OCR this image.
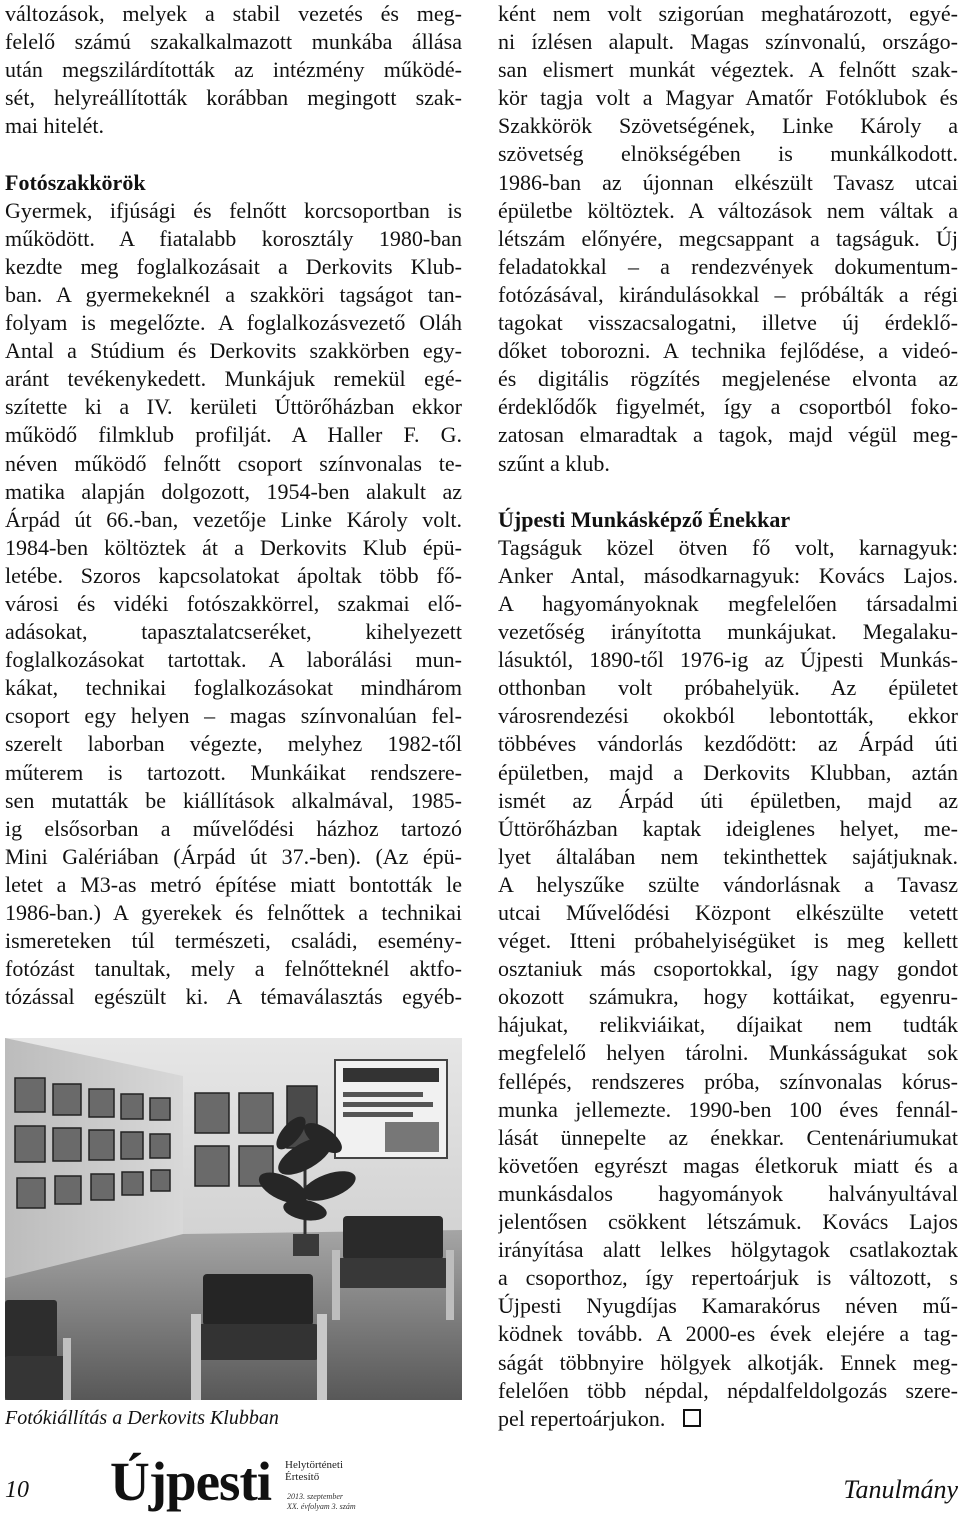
változások, melyek a stabil vezetés és meg-
felelő számú szakalkalmazott munkába állása
után megszilárdították az intézmény működé-
sét, helyreállították korábban megingott szak-
mai hitelét.
Fotószakkörök
Gyermek, ifjúsági és felnőtt korcsoportban is
működött. A fiatalabb korosztály 1980-ban
kezdte meg foglalkozásait a Derkovits Klub-
ban. A gyermekeknél a szakköri tagságot tan-
folyam is megelőzte. A foglalkozásvezető Oláh
Antal a Stúdium és Derkovits szakkörben egy-
aránt tevékenykedett. Munkájuk remekül egé-
szítette ki a IV. kerületi Úttörőházban ekkor
működő filmklub profilját. A Haller F. G.
néven működő felnőtt csoport színvonalas te-
matika alapján dolgozott, 1954-ben alakult az
Árpád út 66.-ban, vezetője Linke Károly volt.
1984-ben költöztek át a Derkovits Klub épü-
letébe. Szoros kapcsolatokat ápoltak több fő-
városi és vidéki fotószakkörrel, szakmai elő-
adásokat, tapasztalatcseréket, kihelyezett
foglalkozásokat tartottak. A laborálási mun-
kákat, technikai foglalkozásokat mindhárom
csoport egy helyen – magas színvonalúan fel-
szerelt laborban végezte, melyhez 1982-től
műterem is tartozott. Munkáikat rendszere-
sen mutatták be kiállítások alkalmával, 1985-
ig elsősorban a művelődési házhoz tartozó
Mini Galériában (Árpád út 37.-ben). (Az épü-
letet a M3-as metró építése miatt bontották le
1986-ban.) A gyerekek és felnőttek a technikai
ismereteken túl természeti, családi, esemény-
fotózást tanultak, mely a felnőtteknél aktfo-
tózással egészült ki. A témaválasztás egyéb-
Fotókiállítás a Derkovits Klubban
ként nem volt szigorúan meghatározott, egyé-
ni ízlésen alapult. Magas színvonalú, országo-
san elismert munkát végeztek. A felnőtt szak-
kör tagja volt a Magyar Amatőr Fotóklubok és
Szakkörök Szövetségének, Linke Károly a
szövetség elnökségében is munkálkodott.
1986-ban az újonnan elkészült Tavasz utcai
épületbe költöztek. A változások nem váltak a
létszám előnyére, megcsappant a tagságuk. Új
feladatokkal – a rendezvények dokumentum-
fotózásával, kirándulásokkal – próbálták a régi
tagokat visszacsalogatni, illetve új érdeklő-
dőket toborozni. A technika fejlődése, a videó-
és digitális rögzítés megjelenése elvonta az
érdeklődők figyelmét, így a csoportból foko-
zatosan elmaradtak a tagok, majd végül meg-
szűnt a klub.
Újpesti Munkásképző Énekkar
Tagságuk közel ötven fő volt, karnagyuk:
Anker Antal, másodkarnagyuk: Kovács Lajos.
A hagyományoknak megfelelően társadalmi
vezetőség irányította munkájukat. Megalaku-
lásuktól, 1890-től 1976-ig az Újpesti Munkás-
otthonban volt próbahelyük. Az épületet
városrendezési okokból lebontották, ekkor
többéves vándorlás kezdődött: az Árpád úti
épületben, majd a Derkovits Klubban, aztán
ismét az Árpád úti épületben, majd az
Úttörőházban kaptak ideiglenes helyet, me-
lyet általában nem tekinthettek sajátjuknak.
A helyszűke szülte vándorlásnak a Tavasz
utcai Művelődési Központ elkészülte vetett
véget. Itteni próbahelyiségüket is meg kellett
osztaniuk más csoportokkal, így nagy gondot
okozott számukra, hogy kottáikat, egyenru-
hájukat, relikviáikat, díjaikat nem tudták
megfelelő helyen tárolni. Munkásságukat sok
fellépés, rendszeres próba, színvonalas kórus-
munka jellemezte. 1990-ben 100 éves fennál-
lását ünnepelte az énekkar. Centenáriumukat
követően egyrészt magas életkoruk miatt és a
munkásdalos hagyományok halványultával
jelentősen csökkent létszámuk. Kovács Lajos
irányítása alatt lelkes hölgytagok csatlakoztak
a csoporthoz, így repertoárjuk is változott, s
Újpesti Nyugdíjas Kamarakórus néven mű-
ködnek tovább. A 2000-es évek elejére a tag-
ságát többnyire hölgyek alkotják. Ennek meg-
felelően több népdal, népdalfeldolgozás szere-
pel repertoárjukon.
10 Újpesti Helytörténeti
Értesítő
2013. szeptember
XX. évfolyam 3. szám
Tanulmány
